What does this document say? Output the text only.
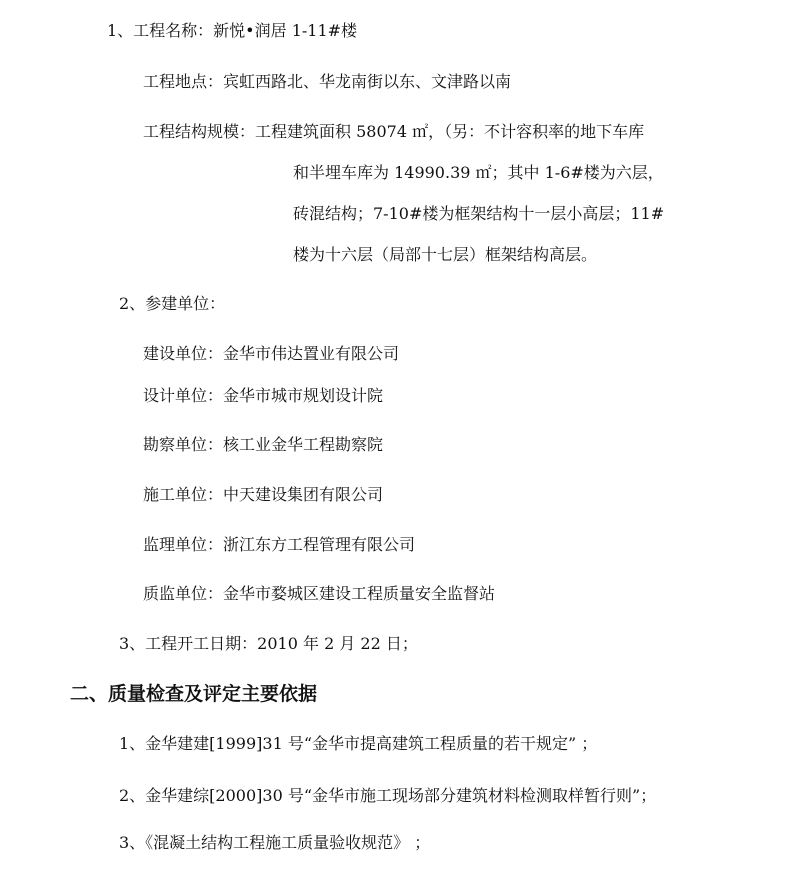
1、工程名称：新悦•润居 1-11#楼
工程地点：宾虹西路北、华龙南街以东、文津路以南
工程结构规模：工程建筑面积 58074 ㎡，（另：不计容积率的地下车库
和半埋车库为 14990.39 ㎡；其中 1-6#楼为六层，
砖混结构；7-10#楼为框架结构十一层小高层；11#
楼为十六层（局部十七层）框架结构高层。
2、参建单位：
建设单位：金华市伟达置业有限公司
设计单位：金华市城市规划设计院
勘察单位：核工业金华工程勘察院
施工单位：中天建设集团有限公司
监理单位：浙江东方工程管理有限公司
质监单位：金华市婺城区建设工程质量安全监督站
3、工程开工日期：2010 年 2 月 22 日；
二、质量检查及评定主要依据
1、金华建建[1999]31 号“金华市提高建筑工程质量的若干规定” ；
2、金华建综[2000]30 号“金华市施工现场部分建筑材料检测取样暂行则”；
3、《混凝土结构工程施工质量验收规范》 ；
